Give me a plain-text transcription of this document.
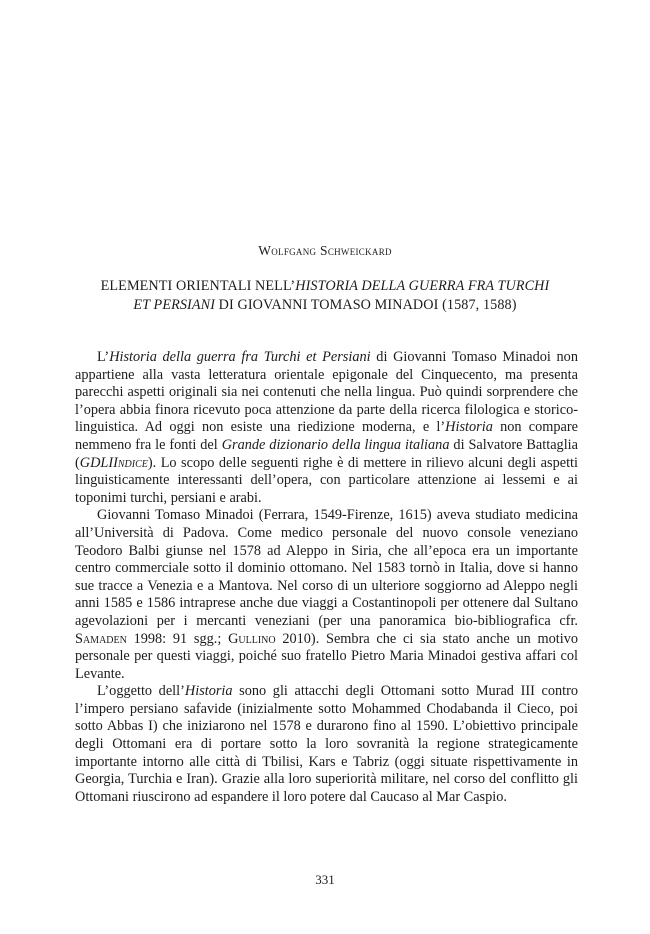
Wolfgang Schweickard
ELEMENTI ORIENTALI NELL’HISTORIA DELLA GUERRA FRA TURCHI
ET PERSIANI DI GIOVANNI TOMASO MINADOI (1587, 1588)

L’Historia della guerra fra Turchi et Persiani di Giovanni Tomaso Minadoi non appartiene alla vasta letteratura orientale epigonale del Cinquecento, ma presenta parecchi aspetti originali sia nei contenuti che nella lingua. Può quindi sorprendere che l’opera abbia finora ricevuto poca attenzione da parte della ricerca filologica e storico-linguistica. Ad oggi non esiste una riedizione moderna, e l’Historia non compare nemmeno fra le fonti del Grande dizionario della lingua italiana di Salvatore Battaglia (GDLIIndice). Lo scopo delle seguenti righe è di mettere in rilievo alcuni degli aspetti linguisticamente interessanti dell’opera, con particolare attenzione ai lessemi e ai toponimi turchi, persiani e arabi.

Giovanni Tomaso Minadoi (Ferrara, 1549-Firenze, 1615) aveva studiato medicina all’Università di Padova. Come medico personale del nuovo console veneziano Teodoro Balbi giunse nel 1578 ad Aleppo in Siria, che all’epoca era un importante centro commerciale sotto il dominio ottomano. Nel 1583 tornò in Italia, dove si hanno sue tracce a Venezia e a Mantova. Nel corso di un ulteriore soggiorno ad Aleppo negli anni 1585 e 1586 intraprese anche due viaggi a Costantinopoli per ottenere dal Sultano agevolazioni per i mercanti veneziani (per una panoramica bio-bibliografica cfr. Samaden 1998: 91 sgg.; Gullino 2010). Sembra che ci sia stato anche un motivo personale per questi viaggi, poiché suo fratello Pietro Maria Minadoi gestiva affari col Levante.

L’oggetto dell’Historia sono gli attacchi degli Ottomani sotto Murad III contro l’impero persiano safavide (inizialmente sotto Mohammed Chodabanda il Cieco, poi sotto Abbas I) che iniziarono nel 1578 e durarono fino al 1590. L’obiettivo principale degli Ottomani era di portare sotto la loro sovranità la regione strategicamente importante intorno alle città di Tbilisi, Kars e Tabriz (oggi situate rispettivamente in Georgia, Turchia e Iran). Grazie alla loro superiorità militare, nel corso del conflitto gli Ottomani riuscirono ad espandere il loro potere dal Caucaso al Mar Caspio.

331
